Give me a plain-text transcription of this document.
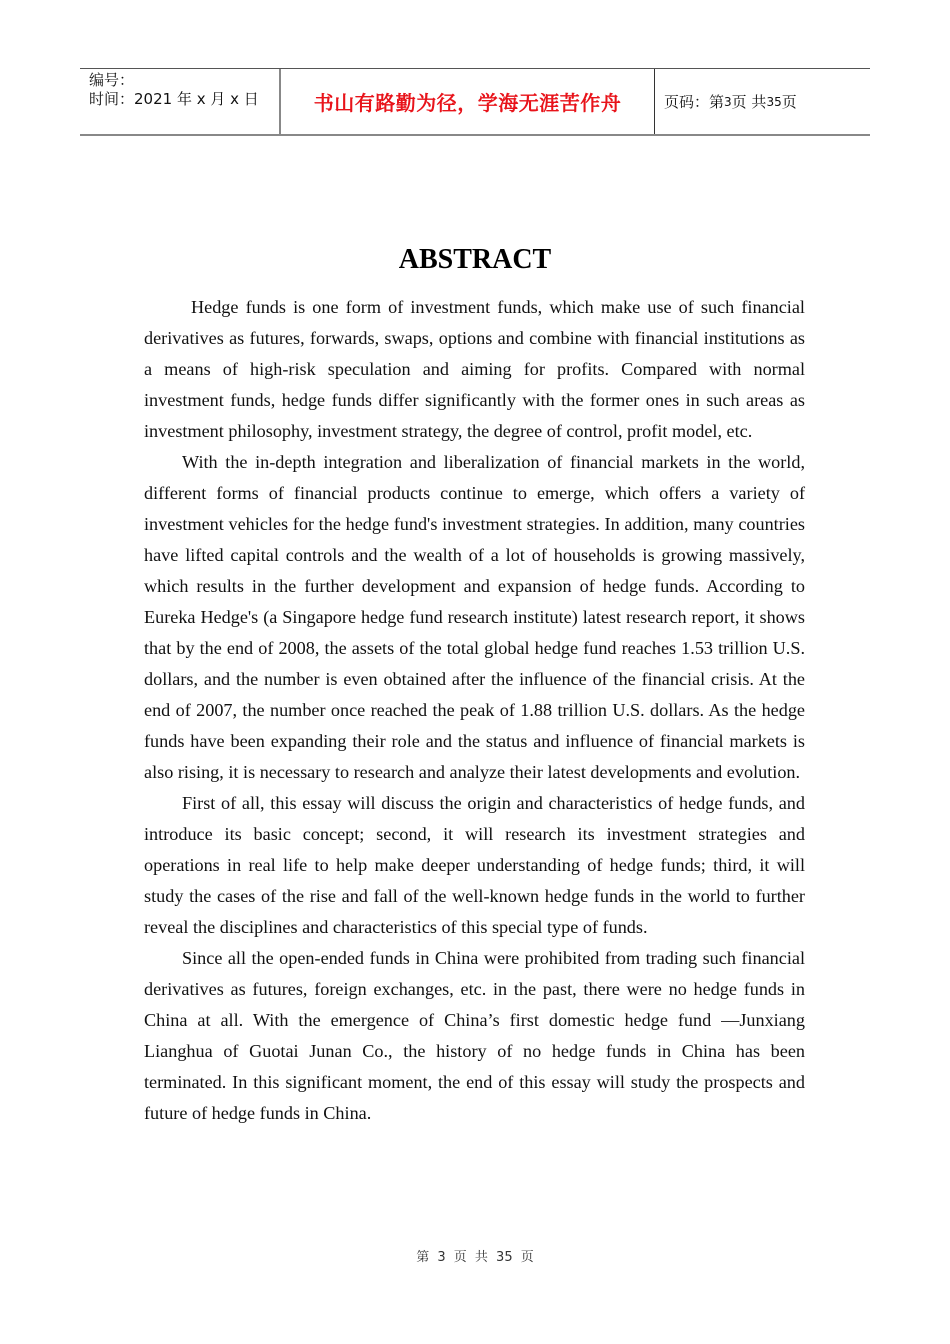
编号：
时间：2021 年 x 月 x 日	书山有路勤为径，学海无涯苦作舟	页码：第 3 页 共 35 页
ABSTRACT

Hedge funds is one form of investment funds, which make use of such financial derivatives as futures, forwards, swaps, options and combine with financial institutions as a means of high-risk speculation and aiming for profits. Compared with normal investment funds, hedge funds differ significantly with the former ones in such areas as investment philosophy, investment strategy, the degree of control, profit model, etc.

With the in-depth integration and liberalization of financial markets in the world, different forms of financial products continue to emerge, which offers a variety of investment vehicles for the hedge fund's investment strategies. In addition, many countries have lifted capital controls and the wealth of a lot of households is growing massively, which results in the further development and expansion of hedge funds. According to Eureka Hedge's (a Singapore hedge fund research institute) latest research report, it shows that by the end of 2008, the assets of the total global hedge fund reaches 1.53 trillion U.S. dollars, and the number is even obtained after the influence of the financial crisis. At the end of 2007, the number once reached the peak of 1.88 trillion U.S. dollars. As the hedge funds have been expanding their role and the status and influence of financial markets is also rising, it is necessary to research and analyze their latest developments and evolution.

First of all, this essay will discuss the origin and characteristics of hedge funds, and introduce its basic concept; second, it will research its investment strategies and operations in real life to help make deeper understanding of hedge funds; third, it will study the cases of the rise and fall of the well-known hedge funds in the world to further reveal the disciplines and characteristics of this special type of funds.

Since all the open-ended funds in China were prohibited from trading such financial derivatives as futures, foreign exchanges, etc. in the past, there were no hedge funds in China at all. With the emergence of China’s first domestic hedge fund —Junxiang Lianghua of Guotai Junan Co., the history of no hedge funds in China has been terminated. In this significant moment, the end of this essay will study the prospects and future of hedge funds in China.

第 3 页 共 35 页
